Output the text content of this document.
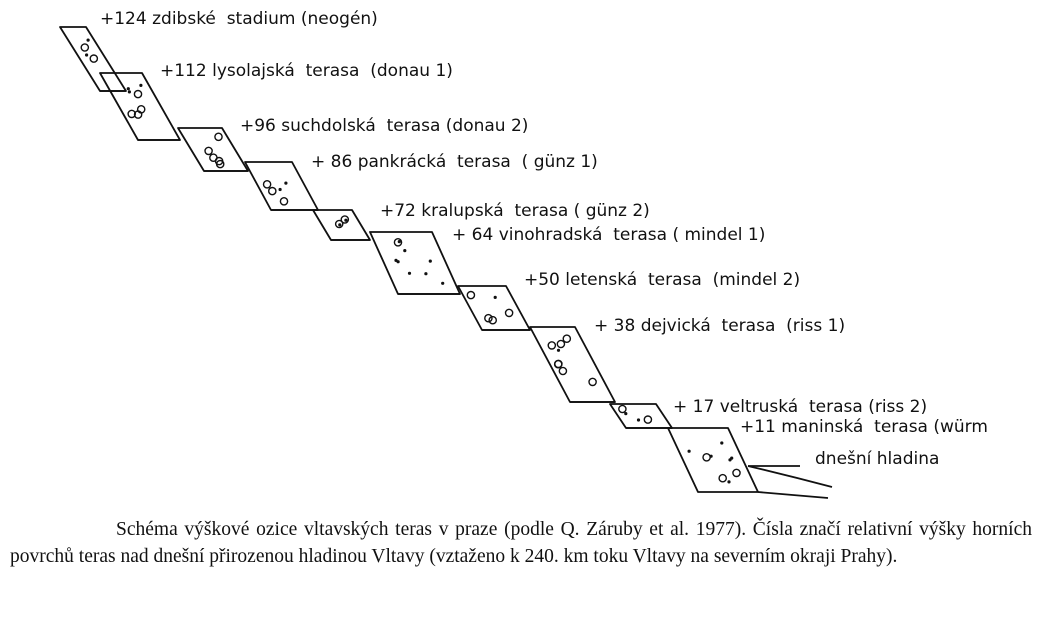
dnešní hladina
+124 zdibské  stadium (neogén)
+112 lysolajská  terasa  (donau 1)
+96 suchdolská  terasa (donau 2)
+ 86 pankrácká  terasa  ( günz 1)
+72 kralupská  terasa ( günz 2)
+ 64 vinohradská  terasa ( mindel 1)
+50 letenská  terasa  (mindel 2)
+ 38 dejvická  terasa  (riss 1)
+ 17 veltruská  terasa (riss 2)
+11 maninská  terasa (würm

Schéma výškové ozice vltavských teras v praze (podle Q. Záruby et al. 1977). Čísla značí relativní výšky horních povrchů teras nad dnešní přirozenou hladinou Vltavy (vztaženo k 240. km toku Vltavy na severním okraji Prahy).
